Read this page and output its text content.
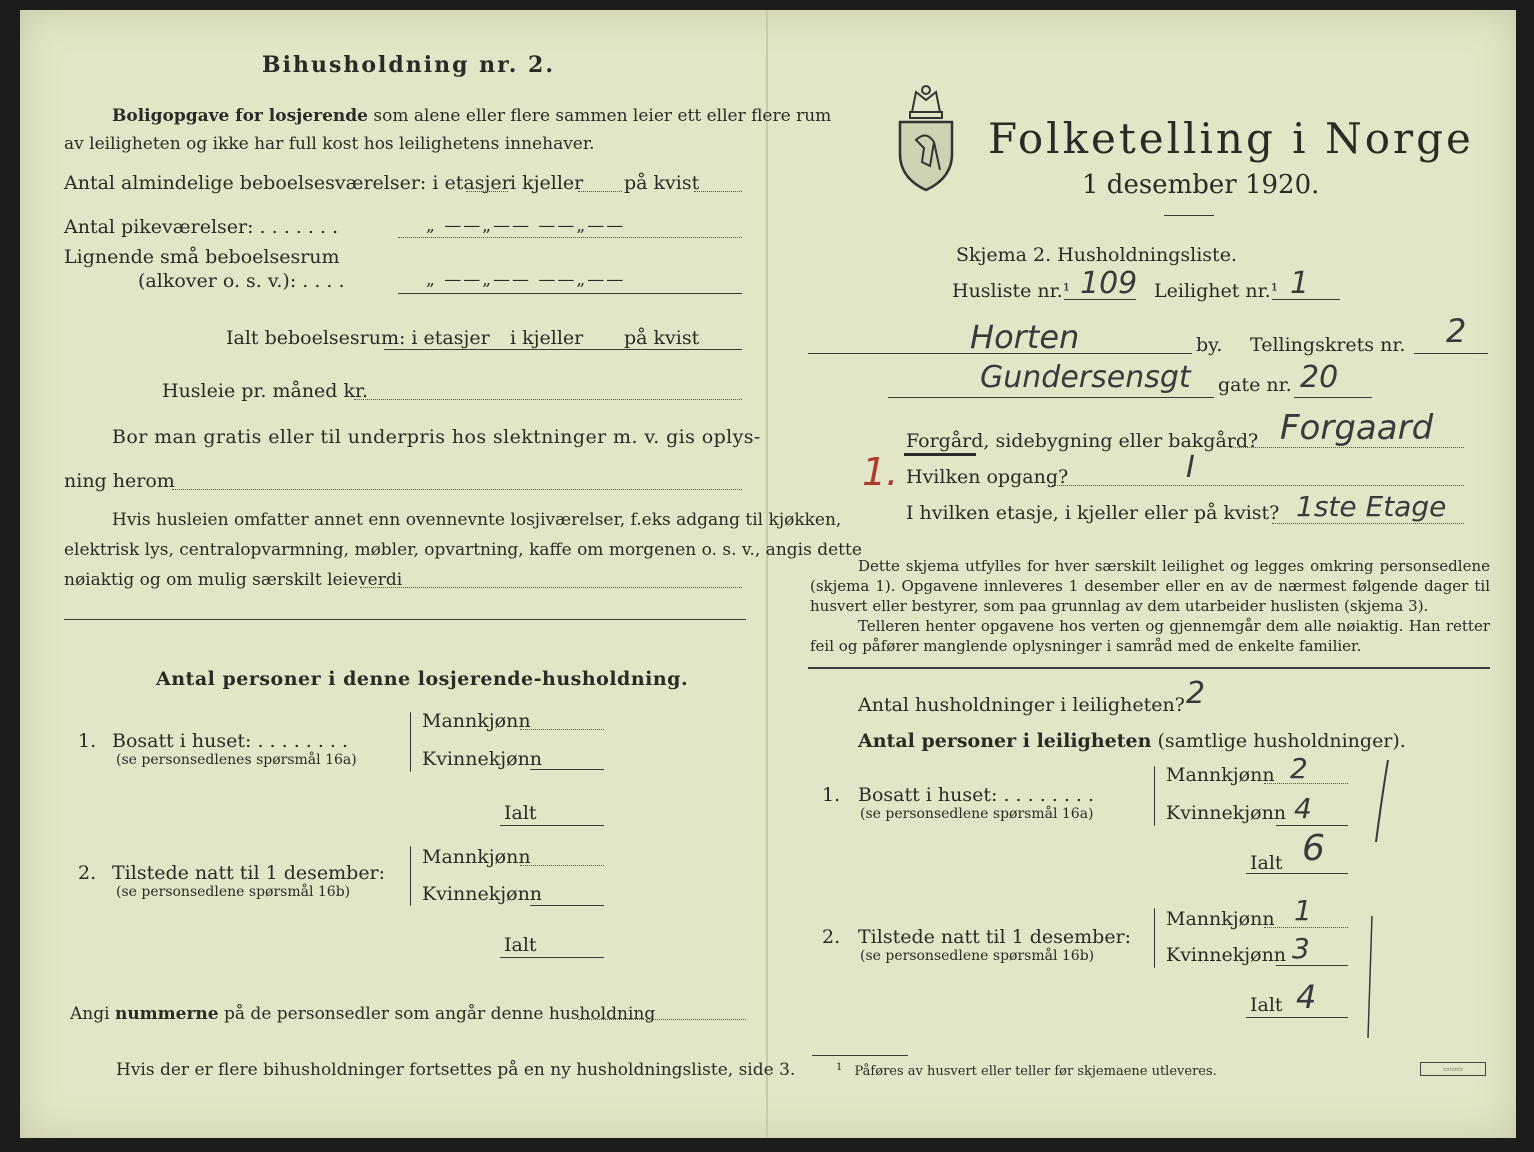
Bihusholdning nr. 2.
Boligopgave for losjerende som alene eller flere sammen leier ett eller flere rum
av leiligheten og ikke har full kost hos leilighetens innehaver.
Antal almindelige beboelsesværelser: i etasjer i kjeller på kvist
Antal pikeværelser: . . . . . . .	„ ——„—— ——„——
Lignende små beboelsesrum
(alkover o. s. v.): . . . .	„ ——„—— ——„——
Ialt beboelsesrum: i etasjer i kjeller på kvist
Husleie pr. måned kr.
Bor man gratis eller til underpris hos slektninger m. v. gis oplys-
ning herom
Hvis husleien omfatter annet enn ovennevnte losjiværelser, f.eks adgang til kjøkken,
elektrisk lys, centralopvarmning, møbler, opvartning, kaffe om morgenen o. s. v., angis dette
nøiaktig og om mulig særskilt leieverdi
Antal personer i denne losjerende-husholdning.
1. Bosatt i huset: . . . . . . . .
(se personsedlenes spørsmål 16a)
Mannkjønn
Kvinnekjønn
Ialt
2. Tilstede natt til 1 desember:
(se personsedlene spørsmål 16b)
Mannkjønn
Kvinnekjønn
Ialt
Angi nummerne på de personsedler som angår denne husholdning
Hvis der er flere bihusholdninger fortsettes på en ny husholdningsliste, side 3.
Folketelling i Norge
1 desember 1920.
Skjema 2. Husholdningsliste.
Husliste nr.¹ 109 Leilighet nr.¹ 1
Horten	by. Tellingskrets nr. 2
Gundersensgt gate nr. 20
Forgård, sidebygning eller bakgård? Forgaard
1. Hvilken opgang?	I
I hvilken etasje, i kjeller eller på kvist? 1ste Etage
Dette skjema utfylles for hver særskilt leilighet og legges omkring personsedlene (skjema 1). Opgavene innleveres 1 desember eller en av de nærmest følgende dager til husvert eller bestyrer, som paa grunnlag av dem utarbeider huslisten (skjema 3).
Telleren henter opgavene hos verten og gjennemgår dem alle nøiaktig. Han retter feil og påfører manglende oplysninger i samråd med de enkelte familier.
Antal husholdninger i leiligheten? 2
Antal personer i leiligheten (samtlige husholdninger).
1. Bosatt i huset: . . . . . . . .
(se personsedlene spørsmål 16a)
Mannkjønn 2
Kvinnekjønn 4
Ialt 6
2. Tilstede natt til 1 desember:
(se personsedlene spørsmål 16b)
Mannkjønn 1
Kvinnekjønn 3
Ialt 4
$^1$ Påføres av husvert eller teller før skjemaene utleveres.	▭▭▭
